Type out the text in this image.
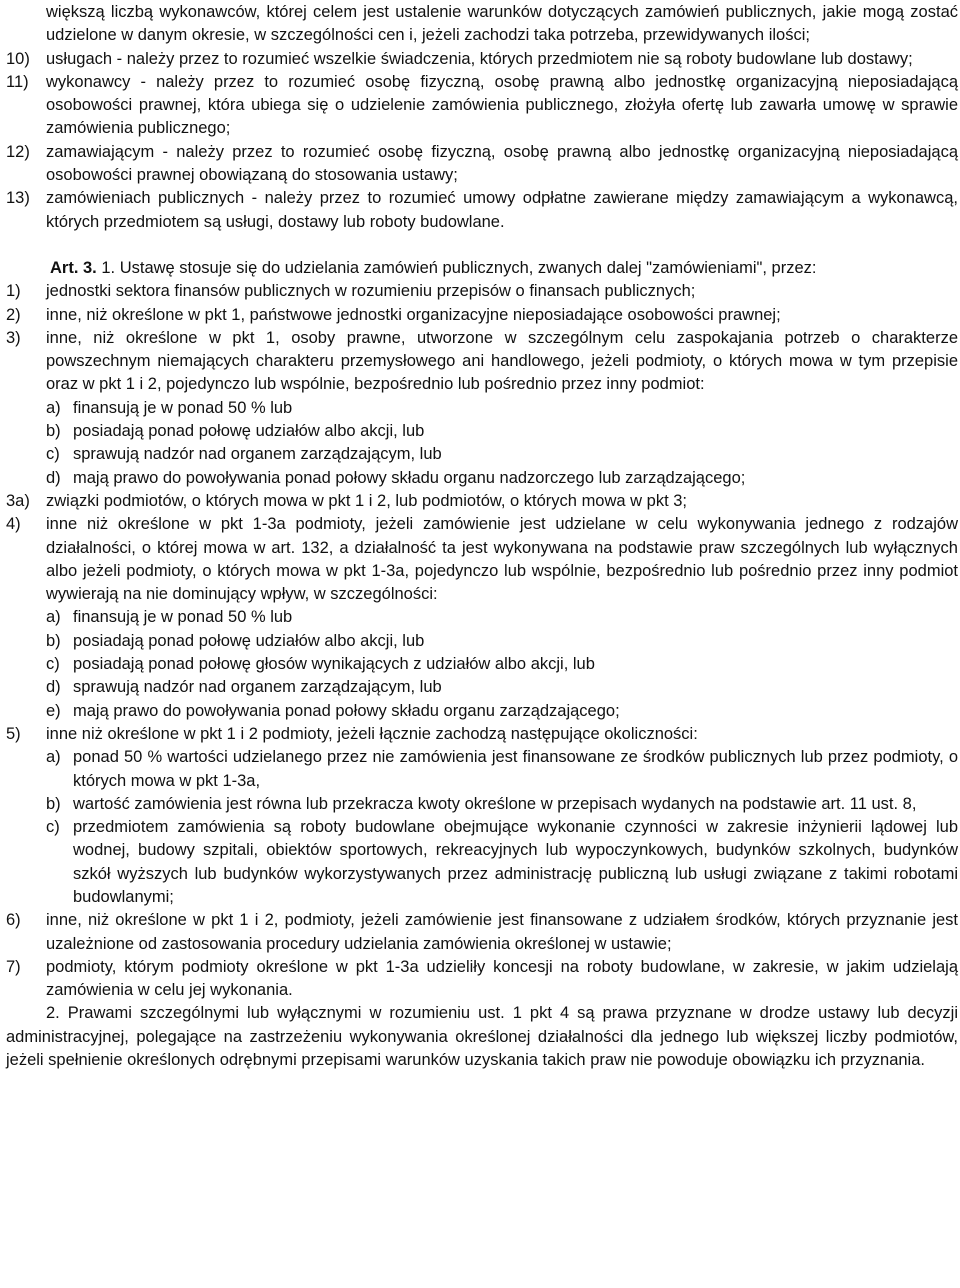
większą liczbą wykonawców, której celem jest ustalenie warunków dotyczących zamówień publicznych, jakie mogą zostać udzielone w danym okresie, w szczególności cen i, jeżeli zachodzi taka potrzeba, przewidywanych ilości;
10) usługach - należy przez to rozumieć wszelkie świadczenia, których przedmiotem nie są roboty budowlane lub dostawy;
11) wykonawcy - należy przez to rozumieć osobę fizyczną, osobę prawną albo jednostkę organizacyjną nieposiadającą osobowości prawnej, która ubiega się o udzielenie zamówienia publicznego, złożyła ofertę lub zawarła umowę w sprawie zamówienia publicznego;
12) zamawiającym - należy przez to rozumieć osobę fizyczną, osobę prawną albo jednostkę organizacyjną nieposiadającą osobowości prawnej obowiązaną do stosowania ustawy;
13) zamówieniach publicznych - należy przez to rozumieć umowy odpłatne zawierane między zamawiającym a wykonawcą, których przedmiotem są usługi, dostawy lub roboty budowlane.
Art. 3. 1. Ustawę stosuje się do udzielania zamówień publicznych, zwanych dalej "zamówieniami", przez:
1) jednostki sektora finansów publicznych w rozumieniu przepisów o finansach publicznych;
2) inne, niż określone w pkt 1, państwowe jednostki organizacyjne nieposiadające osobowości prawnej;
3) inne, niż określone w pkt 1, osoby prawne, utworzone w szczególnym celu zaspokajania potrzeb o charakterze powszechnym niemających charakteru przemysłowego ani handlowego, jeżeli podmioty, o których mowa w tym przepisie oraz w pkt 1 i 2, pojedynczo lub wspólnie, bezpośrednio lub pośrednio przez inny podmiot:
a) finansują je w ponad 50 % lub
b) posiadają ponad połowę udziałów albo akcji, lub
c) sprawują nadzór nad organem zarządzającym, lub
d) mają prawo do powoływania ponad połowy składu organu nadzorczego lub zarządzającego;
3a) związki podmiotów, o których mowa w pkt 1 i 2, lub podmiotów, o których mowa w pkt 3;
4) inne niż określone w pkt 1-3a podmioty, jeżeli zamówienie jest udzielane w celu wykonywania jednego z rodzajów działalności, o której mowa w art. 132, a działalność ta jest wykonywana na podstawie praw szczególnych lub wyłącznych albo jeżeli podmioty, o których mowa w pkt 1-3a, pojedynczo lub wspólnie, bezpośrednio lub pośrednio przez inny podmiot wywierają na nie dominujący wpływ, w szczególności:
a) finansują je w ponad 50 % lub
b) posiadają ponad połowę udziałów albo akcji, lub
c) posiadają ponad połowę głosów wynikających z udziałów albo akcji, lub
d) sprawują nadzór nad organem zarządzającym, lub
e) mają prawo do powoływania ponad połowy składu organu zarządzającego;
5) inne niż określone w pkt 1 i 2 podmioty, jeżeli łącznie zachodzą następujące okoliczności:
a) ponad 50 % wartości udzielanego przez nie zamówienia jest finansowane ze środków publicznych lub przez podmioty, o których mowa w pkt 1-3a,
b) wartość zamówienia jest równa lub przekracza kwoty określone w przepisach wydanych na podstawie art. 11 ust. 8,
c) przedmiotem zamówienia są roboty budowlane obejmujące wykonanie czynności w zakresie inżynierii lądowej lub wodnej, budowy szpitali, obiektów sportowych, rekreacyjnych lub wypoczynkowych, budynków szkolnych, budynków szkół wyższych lub budynków wykorzystywanych przez administrację publiczną lub usługi związane z takimi robotami budowlanymi;
6) inne, niż określone w pkt 1 i 2, podmioty, jeżeli zamówienie jest finansowane z udziałem środków, których przyznanie jest uzależnione od zastosowania procedury udzielania zamówienia określonej w ustawie;
7) podmioty, którym podmioty określone w pkt 1-3a udzieliły koncesji na roboty budowlane, w zakresie, w jakim udzielają zamówienia w celu jej wykonania.
2. Prawami szczególnymi lub wyłącznymi w rozumieniu ust. 1 pkt 4 są prawa przyznane w drodze ustawy lub decyzji administracyjnej, polegające na zastrzeżeniu wykonywania określonej działalności dla jednego lub większej liczby podmiotów, jeżeli spełnienie określonych odrębnymi przepisami warunków uzyskania takich praw nie powoduje obowiązku ich przyznania.
